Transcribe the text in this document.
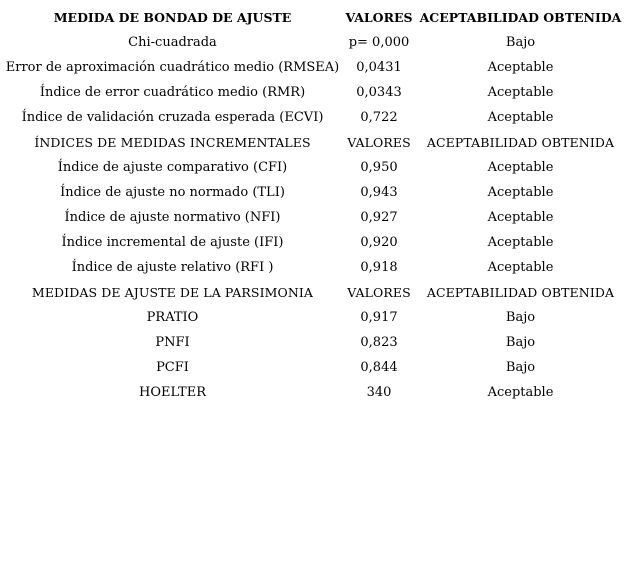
MEDIDA DE BONDAD DE AJUSTE	VALORES	ACEPTABILIDAD OBTENIDA
Chi-cuadrada	p= 0,000	Bajo
Error de aproximación cuadrático medio (RMSEA)	0,0431	Aceptable
Índice de error cuadrático medio (RMR)	0,0343	Aceptable
Índice de validación cruzada esperada (ECVI)	0,722	Aceptable
ÍNDICES DE MEDIDAS INCREMENTALES	VALORES	ACEPTABILIDAD OBTENIDA
Índice de ajuste comparativo (CFI)	0,950	Aceptable
Índice de ajuste no normado (TLI)	0,943	Aceptable
Índice de ajuste normativo (NFI)	0,927	Aceptable
Índice incremental de ajuste (IFI)	0,920	Aceptable
Índice de ajuste relativo (RFI )	0,918	Aceptable
MEDIDAS DE AJUSTE DE LA PARSIMONIA	VALORES	ACEPTABILIDAD OBTENIDA
PRATIO	0,917	Bajo
PNFI	0,823	Bajo
PCFI	0,844	Bajo
HOELTER	340	Aceptable
